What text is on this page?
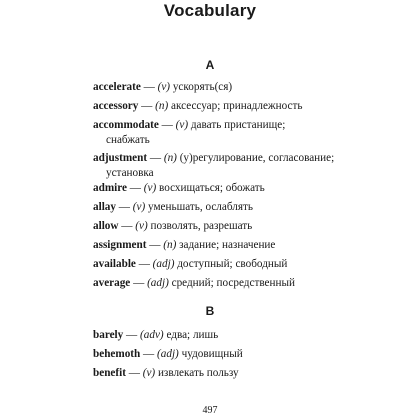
Vocabulary
A
accelerate — (v) ускорять(ся)
accessory — (n) аксессуар; принадлежность
accommodate — (v) давать пристанище;
снабжать
adjustment — (n) (у)регулирование, согласование;
установка
admire — (v) восхищаться; обожать
allay — (v) уменьшать, ослаблять
allow — (v) позволять, разрешать
assignment — (n) задание; назначение
available — (adj) доступный; свободный
average — (adj) средний; посредственный
B
barely — (adv) едва; лишь
behemoth — (adj) чудовищный
benefit — (v) извлекать пользу
497
